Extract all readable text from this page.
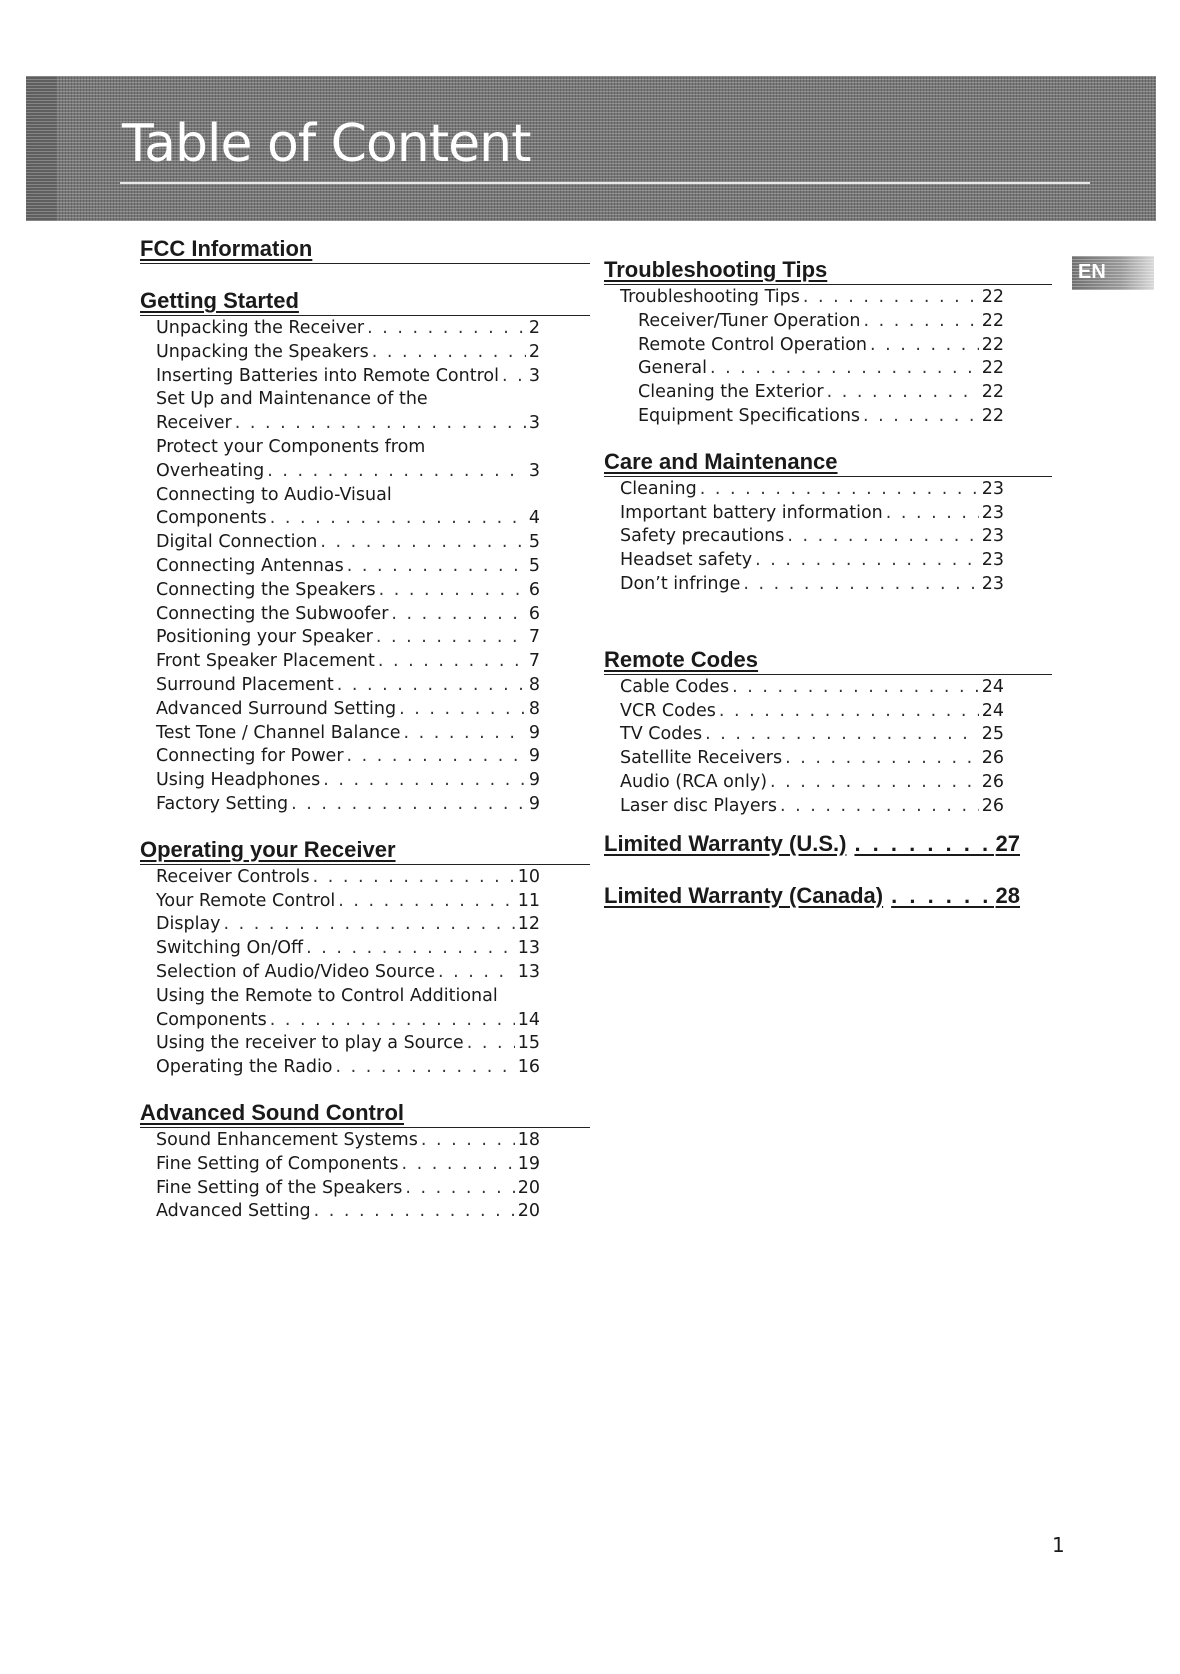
Table of Content
EN
FCC Information
Getting Started
Unpacking the Receiver . . .	2
Unpacking the Speakers . . .	2
Inserting Batteries into Remote Control . . . 3
Set Up and Maintenance of the
Receiver . . .	3
Protect your Components from
Overheating . . .	3
Connecting to Audio-Visual
Components . . .	4
Digital Connection . . .	5
Connecting Antennas . . .	5
Connecting the Speakers . . .	6
Connecting the Subwoofer . . .	6
Positioning your Speaker . . .	7
Front Speaker Placement . . .	7
Surround Placement . . .	8
Advanced Surround Setting . . .	8
Test Tone / Channel Balance . . .	9
Connecting for Power . . .	9
Using Headphones . . .	9
Factory Setting . . .	9
Operating your Receiver
Receiver Controls . . .	10
Your Remote Control . . .	11
Display . . .	12
Switching On/Off . . .	13
Selection of Audio/Video Source . . .	13
Using the Remote to Control Additional
Components . . .	14
Using the receiver to play a Source . . .	15
Operating the Radio . . .	16
Advanced Sound Control
Sound Enhancement Systems . . .	18
Fine Setting of Components . . .	19
Fine Setting of the Speakers . . .	20
Advanced Setting . . .	20
Troubleshooting Tips
Troubleshooting Tips . . .	22
Receiver/Tuner Operation . . .	22
Remote Control Operation . . .	22
General . . .	22
Cleaning the Exterior . . .	22
Equipment Specifications . . .	22
Care and Maintenance
Cleaning . . .	23
Important battery information . . .	23
Safety precautions . . .	23
Headset safety . . .	23
Don’t infringe . . .	23
Remote Codes
Cable Codes . . .	24
VCR Codes . . .	24
TV Codes . . .	25
Satellite Receivers . . .	26
Audio (RCA only) . . .	26
Laser disc Players . . .	26
Limited Warranty (U.S.) . . .	27
Limited Warranty (Canada) . . .	28
1
